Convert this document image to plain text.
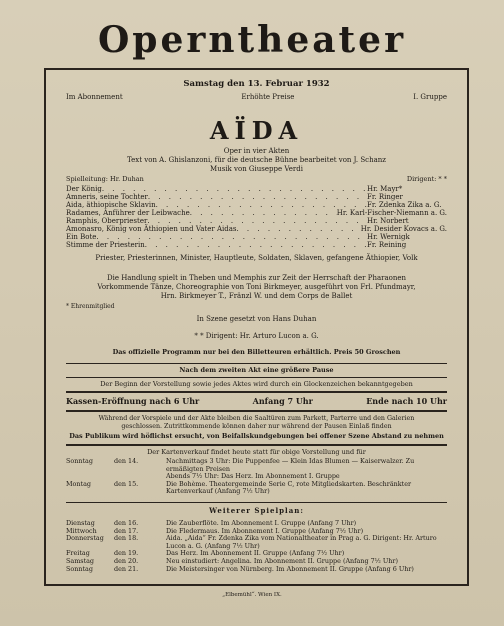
Operntheater
Samstag den 13. Februar 1932
Im Abonnement	Erhöhte Preise	I. Gruppe
AÏDA
Oper in vier Akten
Text von A. Ghislanzoni, für die deutsche Bühne bearbeitet von J. Schanz
Musik von Giuseppe Verdi
Spielleitung: Hr. Duhan	Dirigent: * *
Der König . . .	Hr. Mayr*
Amneris, seine Tochter . . .	Fr. Ringer
Aida, äthiopische Sklavin . . .	Fr. Zdenka Zika a. G.
Radames, Anführer der Leibwache . . .	Hr. Karl-Fischer-Niemann a. G.
Ramphis, Oberpriester . . .	Hr. Norbert
Amonasro, König von Äthiopien und Vater Aidas . . .	Hr. Desider Kovacs a. G.
Ein Bote . . .	Hr. Wernigk
Stimme der Priesterin . . .	Fr. Reining
Priester, Priesterinnen, Minister, Hauptleute, Soldaten, Sklaven, gefangene Äthiopier, Volk
Die Handlung spielt in Theben und Memphis zur Zeit der Herrschaft der Pharaonen
Vorkommende Tänze, Choreographie von Toni Birkmeyer, ausgeführt von Frl. Pfundmayr,
Hrn. Birkmeyer T., Fränzl W. und dem Corps de Ballet
* Ehrenmitglied
In Szene gesetzt von Hans Duhan
* * Dirigent: Hr. Arturo Lucon a. G.
Das offizielle Programm nur bei den Billetteuren erhältlich. Preis 50 Groschen
Nach dem zweiten Akt eine größere Pause
Der Beginn der Vorstellung sowie jedes Aktes wird durch ein Glockenzeichen bekanntgegeben
Kassen-Eröffnung nach 6 Uhr	Anfang 7 Uhr	Ende nach 10 Uhr
Während der Vorspiele und der Akte bleiben die Saaltüren zum Parkett, Parterre und den Galerien
geschlossen. Zutrittkommende können daher nur während der Pausen Einlaß finden
Das Publikum wird höflichst ersucht, von Beifallskundgebungen bei offener Szene Abstand zu nehmen
Der Kartenverkauf findet heute statt für obige Vorstellung und für
Sonntag	den 14.	Nachmittags 3 Uhr: Die Puppenfee — Klein Idas Blumen — Kaiserwalzer. Zu ermäßigten Preisen
Abends 7½ Uhr: Das Herz. Im Abonnement I. Gruppe
Montag	den 15.	Die Bohème. Theatergemeinde Serie C, rote Mitgliedskarten. Beschränkter Kartenverkauf (Anfang 7½ Uhr)
Weiterer Spielplan:
Dienstag	den 16.	Die Zauberflöte. Im Abonnement I. Gruppe (Anfang 7 Uhr)
Mittwoch	den 17.	Die Fledermaus. Im Abonnement I. Gruppe (Anfang 7½ Uhr)
Donnerstag	den 18.	Aida. „Aida“ Fr. Zdenka Zika vom Nationaltheater in Prag a. G. Dirigent: Hr. Arturo Lucon a. G. (Anfang 7½ Uhr)
Freitag	den 19.	Das Herz. Im Abonnement II. Gruppe (Anfang 7½ Uhr)
Samstag	den 20.	Neu einstudiert: Angelina. Im Abonnement II. Gruppe (Anfang 7½ Uhr)
Sonntag	den 21.	Die Meistersinger von Nürnberg. Im Abonnement II. Gruppe (Anfang 6 Uhr)
„Elbemühl“. Wien IX.
